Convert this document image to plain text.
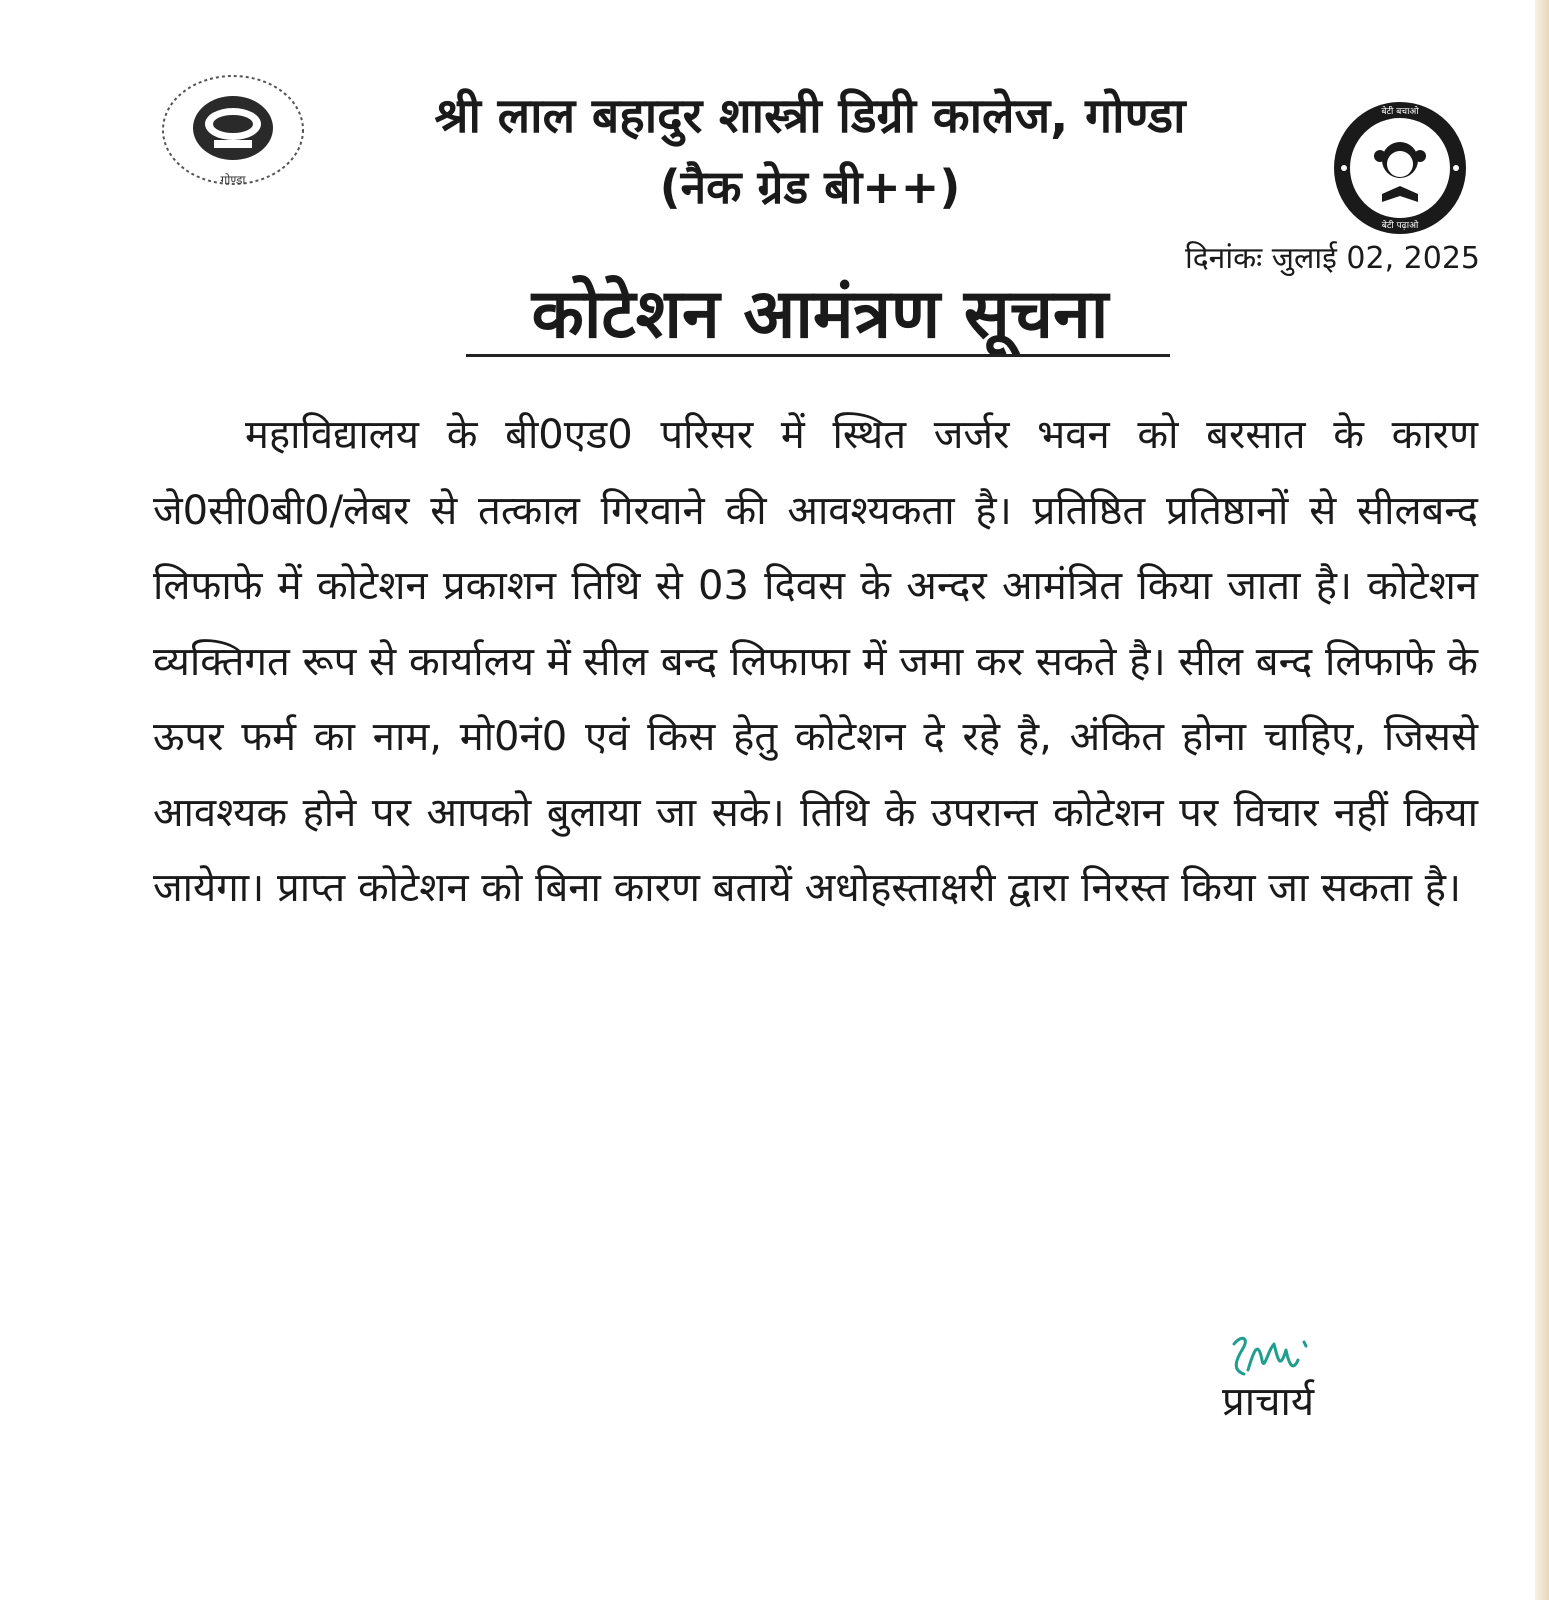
गोण्डा
बेटी बचाओ
बेटी पढ़ाओ
श्री लाल बहादुर शास्त्री डिग्री कालेज, गोण्डा
(नैक ग्रेड बी++)
दिनांकः जुलाई 02, 2025
कोटेशन आमंत्रण सूचना
महाविद्यालय के बी0एड0 परिसर में स्थित जर्जर भवन को बरसात के कारण जे0सी0बी0/लेबर से तत्काल गिरवाने की आवश्यकता है। प्रतिष्ठित प्रतिष्ठानों से सीलबन्द लिफाफे में कोटेशन प्रकाशन तिथि से 03 दिवस के अन्दर आमंत्रित किया जाता है। कोटेशन व्यक्तिगत रूप से कार्यालय में सील बन्द लिफाफा में जमा कर सकते है। सील बन्द लिफाफे के ऊपर फर्म का नाम, मो0नं0 एवं किस हेतु कोटेशन दे रहे है, अंकित होना चाहिए, जिससे आवश्यक होने पर आपको बुलाया जा सके। तिथि के उपरान्त कोटेशन पर विचार नहीं किया जायेगा। प्राप्त कोटेशन को बिना कारण बतायें अधोहस्ताक्षरी द्वारा निरस्त किया जा सकता है।
प्राचार्य
